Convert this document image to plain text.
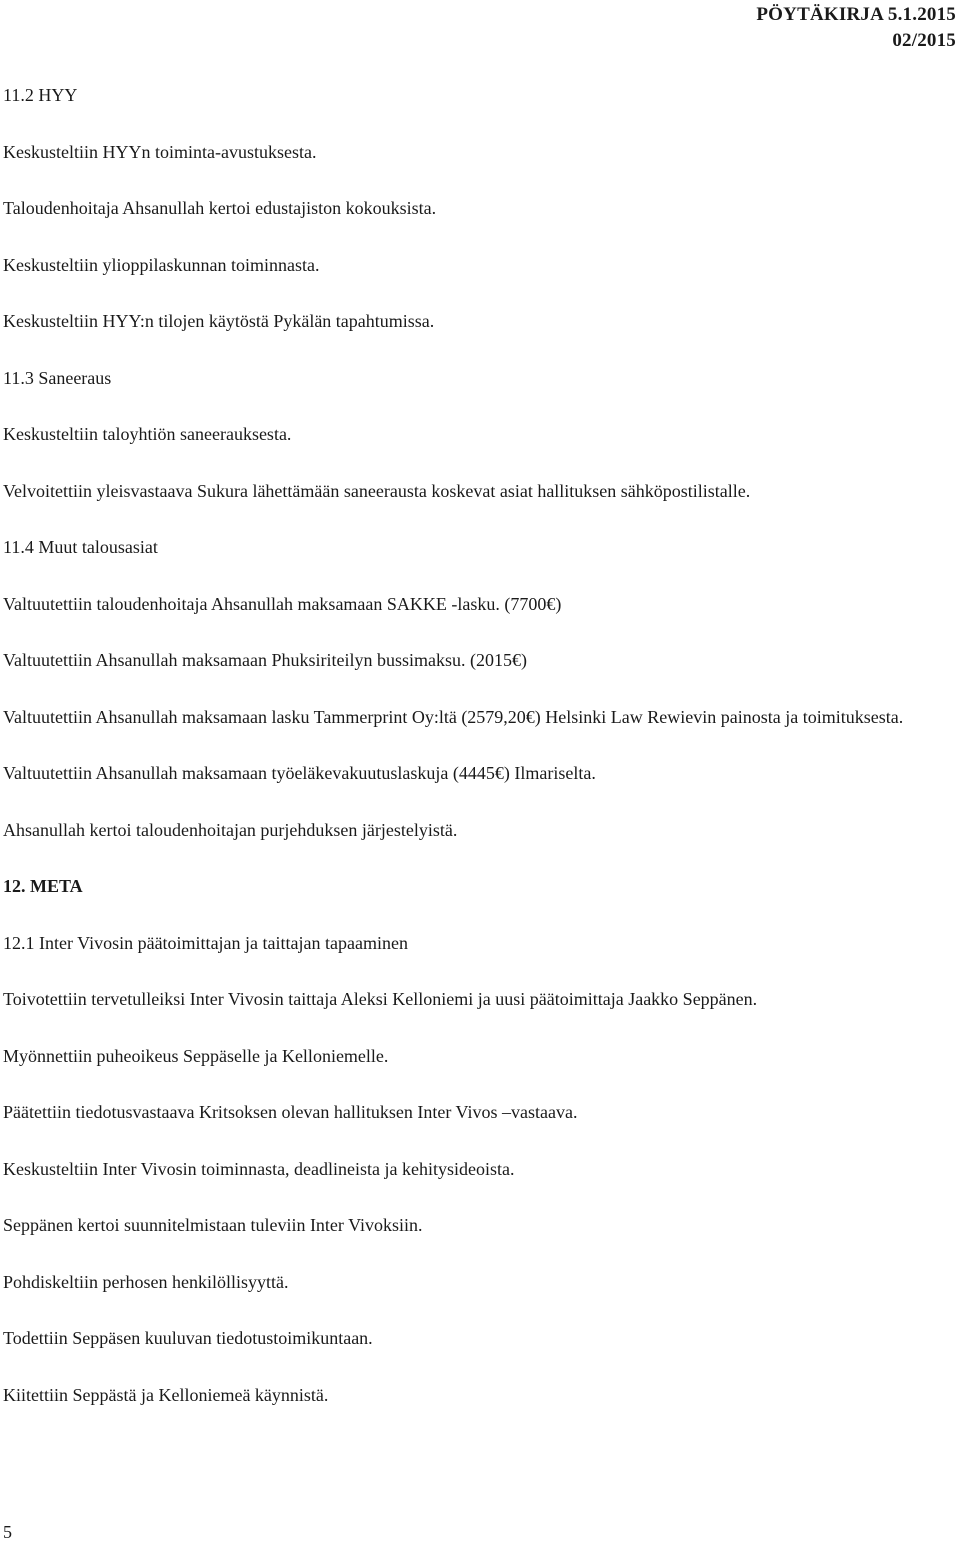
PÖYTÄKIRJA 5.1.2015
02/2015
11.2 HYY
Keskusteltiin HYYn toiminta-avustuksesta.
Taloudenhoitaja Ahsanullah kertoi edustajiston kokouksista.
Keskusteltiin ylioppilaskunnan toiminnasta.
Keskusteltiin HYY:n tilojen käytöstä Pykälän tapahtumissa.
11.3 Saneeraus
Keskusteltiin taloyhtiön saneerauksesta.
Velvoitettiin yleisvastaava Sukura lähettämään saneerausta koskevat asiat hallituksen sähköpostilistalle.
11.4 Muut talousasiat
Valtuutettiin taloudenhoitaja Ahsanullah maksamaan SAKKE -lasku. (7700€)
Valtuutettiin Ahsanullah maksamaan Phuksiriteilyn bussimaksu. (2015€)
Valtuutettiin Ahsanullah maksamaan lasku Tammerprint Oy:ltä (2579,20€) Helsinki Law Rewievin painosta ja toimituksesta.
Valtuutettiin Ahsanullah maksamaan työeläkevakuutuslaskuja (4445€) Ilmariselta.
Ahsanullah kertoi taloudenhoitajan purjehduksen järjestelyistä.
12. META
12.1 Inter Vivosin päätoimittajan ja taittajan tapaaminen
Toivotettiin tervetulleiksi Inter Vivosin taittaja Aleksi Kelloniemi ja uusi päätoimittaja Jaakko Seppänen.
Myönnettiin puheoikeus Seppäselle ja Kelloniemelle.
Päätettiin tiedotusvastaava Kritsoksen olevan hallituksen Inter Vivos –vastaava.
Keskusteltiin Inter Vivosin toiminnasta, deadlineista ja kehitysideoista.
Seppänen kertoi suunnitelmistaan tuleviin Inter Vivoksiin.
Pohdiskeltiin perhosen henkilöllisyyttä.
Todettiin Seppäsen kuuluvan tiedotustoimikuntaan.
Kiitettiin Seppästä ja Kelloniemeä käynnistä.
5
